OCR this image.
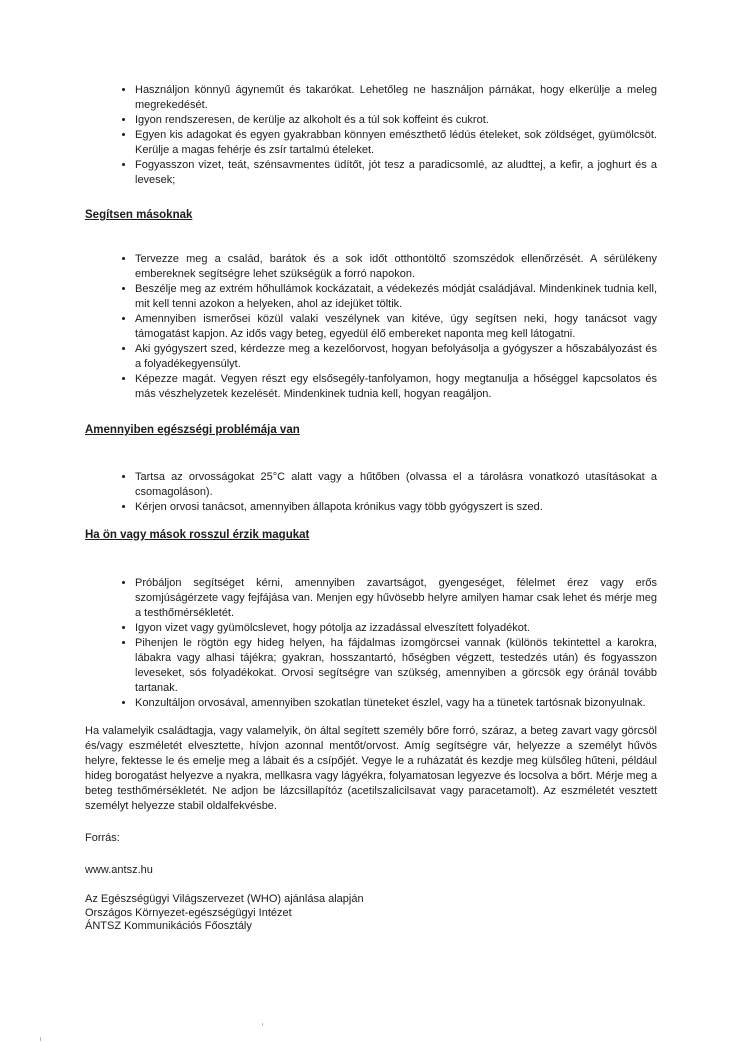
• Használjon könnyű ágyneműt és takarókat. Lehetőleg ne használjon párnákat, hogy elkerülje a meleg megrekedését.
• Igyon rendszeresen, de kerülje az alkoholt és a túl sok koffeint és cukrot.
• Egyen kis adagokat és egyen gyakrabban könnyen emészthető lédús ételeket, sok zöldséget, gyümölcsöt. Kerülje a magas fehérje és zsír tartalmú ételeket.
• Fogyasszon vizet, teát, szénsavmentes üdítőt, jót tesz a paradicsomlé, az aludttej, a kefir, a joghurt és a levesek;
Segítsen másoknak
• Tervezze meg a család, barátok és a sok időt otthontöltő szomszédok ellenőrzését. A sérülékeny embereknek segítségre lehet szükségük a forró napokon.
• Beszélje meg az extrém hőhullámok kockázatait, a védekezés módját családjával. Mindenkinek tudnia kell, mit kell tenni azokon a helyeken, ahol az idejüket töltik.
• Amennyiben ismerősei közül valaki veszélynek van kitéve, úgy segítsen neki, hogy tanácsot vagy támogatást kapjon. Az idős vagy beteg, egyedül élő embereket naponta meg kell látogatni.
• Aki gyógyszert szed, kérdezze meg a kezelőorvost, hogyan befolyásolja a gyógyszer a hőszabályozást és a folyadékegyensúlyt.
• Képezze magát. Vegyen részt egy elsősegély-tanfolyamon, hogy megtanulja a hőséggel kapcsolatos és más vészhelyzetek kezelését. Mindenkinek tudnia kell, hogyan reagáljon.
Amennyiben egészségi problémája van
• Tartsa az orvosságokat 25°C alatt vagy a hűtőben (olvassa el a tárolásra vonatkozó utasításokat a csomagoláson).
• Kérjen orvosi tanácsot, amennyiben állapota krónikus vagy több gyógyszert is szed.
Ha ön vagy mások rosszul érzik magukat
• Próbáljon segítséget kérni, amennyiben zavartságot, gyengeséget, félelmet érez vagy erős szomjúságérzete vagy fejfájása van. Menjen egy hűvösebb helyre amilyen hamar csak lehet és mérje meg a testhőmérsékletét.
• Igyon vizet vagy gyümölcslevet, hogy pótolja az izzadással elveszített folyadékot.
• Pihenjen le rögtön egy hideg helyen, ha fájdalmas izomgörcsei vannak (különös tekintettel a karokra, lábakra vagy alhasi tájékra; gyakran, hosszantartó, hőségben végzett, testedzés után) és fogyasszon leveseket, sós folyadékokat. Orvosi segítségre van szükség, amennyiben a görcsök egy óránál tovább tartanak.
• Konzultáljon orvosával, amennyiben szokatlan tüneteket észlel, vagy ha a tünetek tartósnak bizonyulnak.

Ha valamelyik családtagja, vagy valamelyik, ön által segített személy bőre forró, száraz, a beteg zavart vagy görcsöl és/vagy eszméletét elvesztette, hívjon azonnal mentőt/orvost. Amíg segítségre vár, helyezze a személyt hűvös helyre, fektesse le és emelje meg a lábait és a csípőjét. Vegye le a ruházatát és kezdje meg külsőleg hűteni, például hideg borogatást helyezve a nyakra, mellkasra vagy lágyékra, folyamatosan legyezve és locsolva a bőrt. Mérje meg a beteg testhőmérsékletét. Ne adjon be lázcsillapítóz (acetilszalicilsavat vagy paracetamolt). Az eszméletét vesztett személyt helyezze stabil oldalfekvésbe.

Forrás:
www.antsz.hu
Az Egészségügyi Világszervezet (WHO) ajánlása alapján
Országos Környezet-egészségügyi Intézet
ÁNTSZ Kommunikációs Főosztály
